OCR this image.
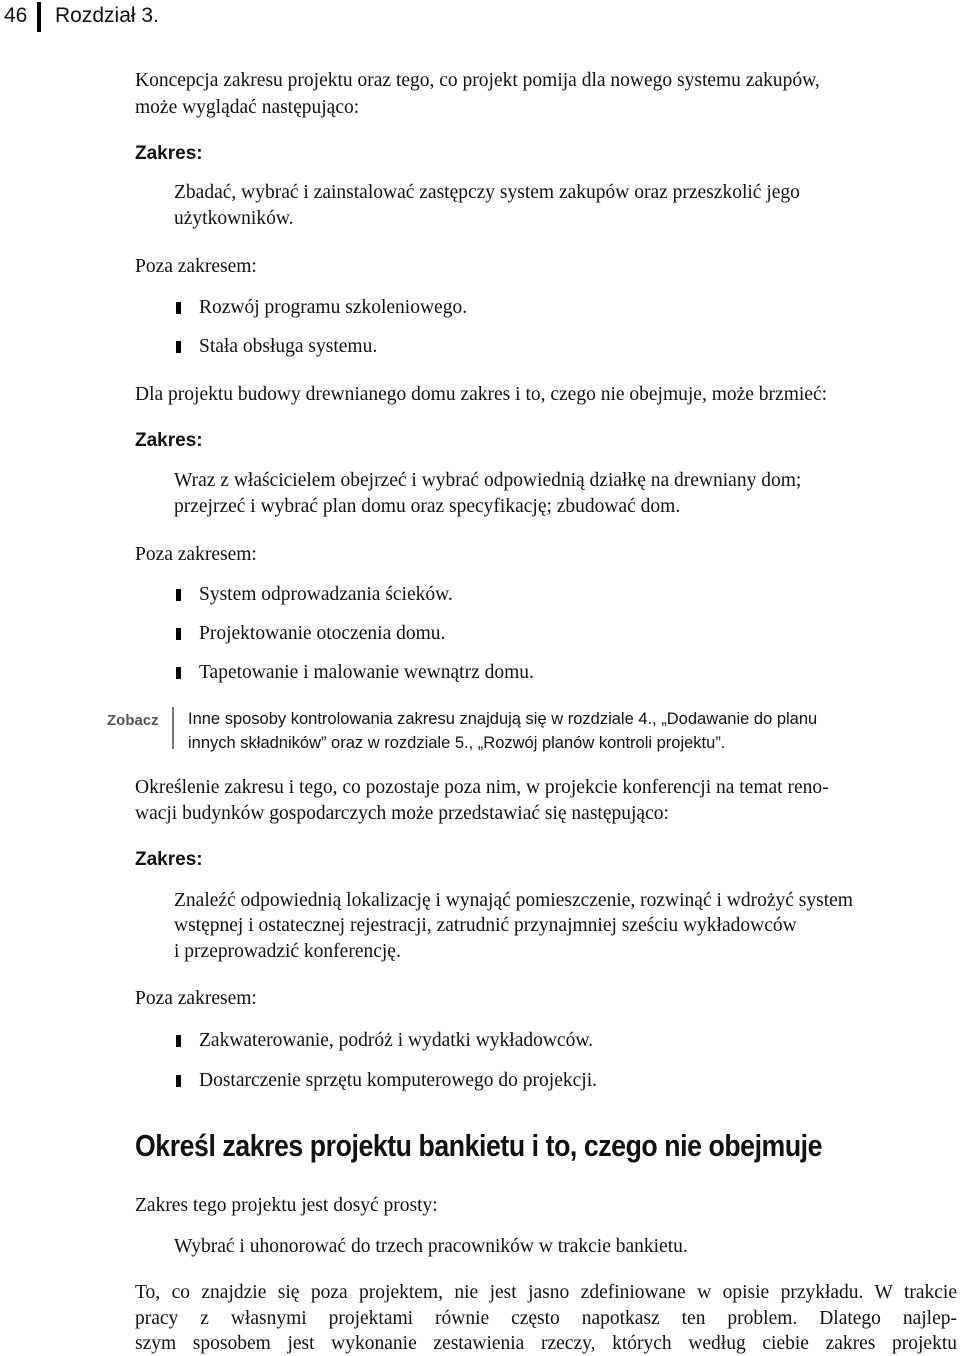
46 Rozdział 3.
Koncepcja zakresu projektu oraz tego, co projekt pomija dla nowego systemu zakupów,
może wyglądać następująco:
Zakres:
Zbadać, wybrać i zainstalować zastępczy system zakupów oraz przeszkolić jego
użytkowników.
Poza zakresem:
Rozwój programu szkoleniowego.
Stała obsługa systemu.
Dla projektu budowy drewnianego domu zakres i to, czego nie obejmuje, może brzmieć:
Zakres:
Wraz z właścicielem obejrzeć i wybrać odpowiednią działkę na drewniany dom;
przejrzeć i wybrać plan domu oraz specyfikację; zbudować dom.
Poza zakresem:
System odprowadzania ścieków.
Projektowanie otoczenia domu.
Tapetowanie i malowanie wewnątrz domu.
Zobacz Inne sposoby kontrolowania zakresu znajdują się w rozdziale 4., „Dodawanie do planu
innych składników” oraz w rozdziale 5., „Rozwój planów kontroli projektu”.
Określenie zakresu i tego, co pozostaje poza nim, w projekcie konferencji na temat reno-
wacji budynków gospodarczych może przedstawiać się następująco:
Zakres:
Znaleźć odpowiednią lokalizację i wynająć pomieszczenie, rozwinąć i wdrożyć system
wstępnej i ostatecznej rejestracji, zatrudnić przynajmniej sześciu wykładowców
i przeprowadzić konferencję.
Poza zakresem:
Zakwaterowanie, podróż i wydatki wykładowców.
Dostarczenie sprzętu komputerowego do projekcji.
Określ zakres projektu bankietu i to, czego nie obejmuje
Zakres tego projektu jest dosyć prosty:
Wybrać i uhonorować do trzech pracowników w trakcie bankietu.
To, co znajdzie się poza projektem, nie jest jasno zdefiniowane w opisie przykładu. W trakcie
pracy z własnymi projektami równie często napotkasz ten problem. Dlatego najlep-
szym sposobem jest wykonanie zestawienia rzeczy, których według ciebie zakres projektu
